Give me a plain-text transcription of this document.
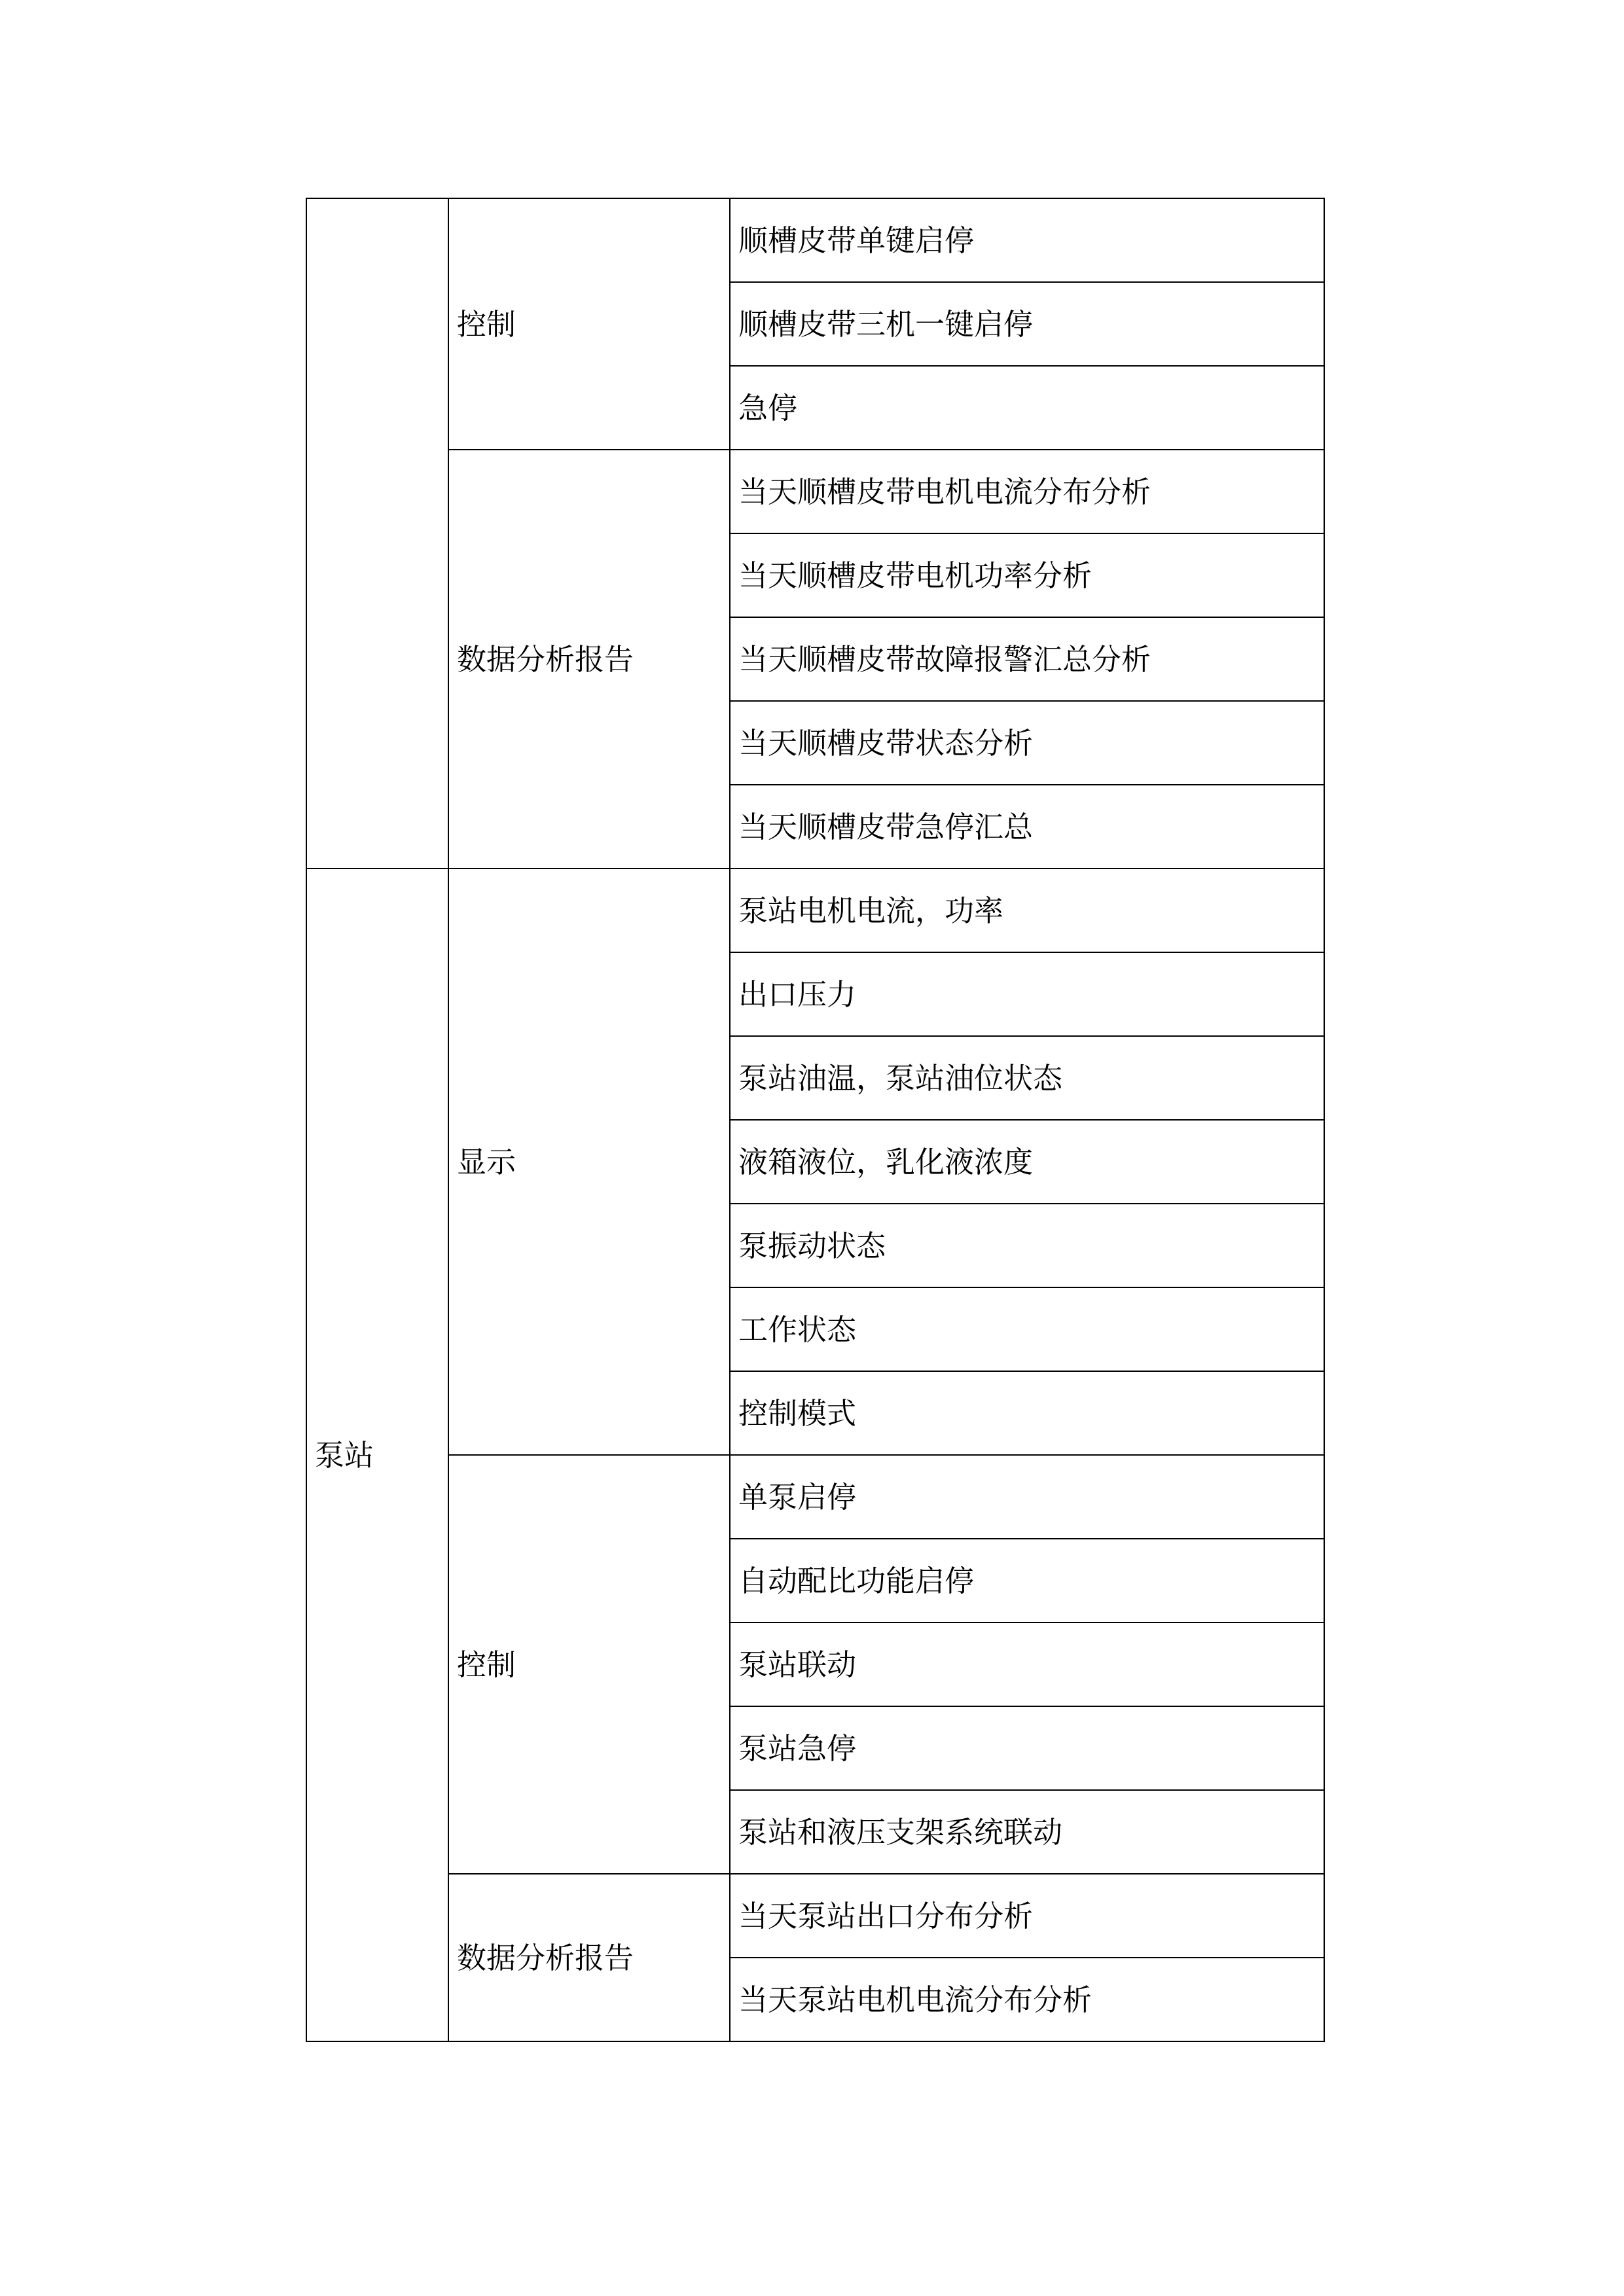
	控制	顺槽皮带单键启停
		顺槽皮带三机一键启停
		急停
	数据分析报告	当天顺槽皮带电机电流分布分析
		当天顺槽皮带电机功率分析
		当天顺槽皮带故障报警汇总分析
		当天顺槽皮带状态分析
		当天顺槽皮带急停汇总
泵站	显示	泵站电机电流，功率
		出口压力
		泵站油温，泵站油位状态
		液箱液位，乳化液浓度
		泵振动状态
		工作状态
		控制模式
	控制	单泵启停
		自动配比功能启停
		泵站联动
		泵站急停
		泵站和液压支架系统联动
	数据分析报告	当天泵站出口分布分析
		当天泵站电机电流分布分析
